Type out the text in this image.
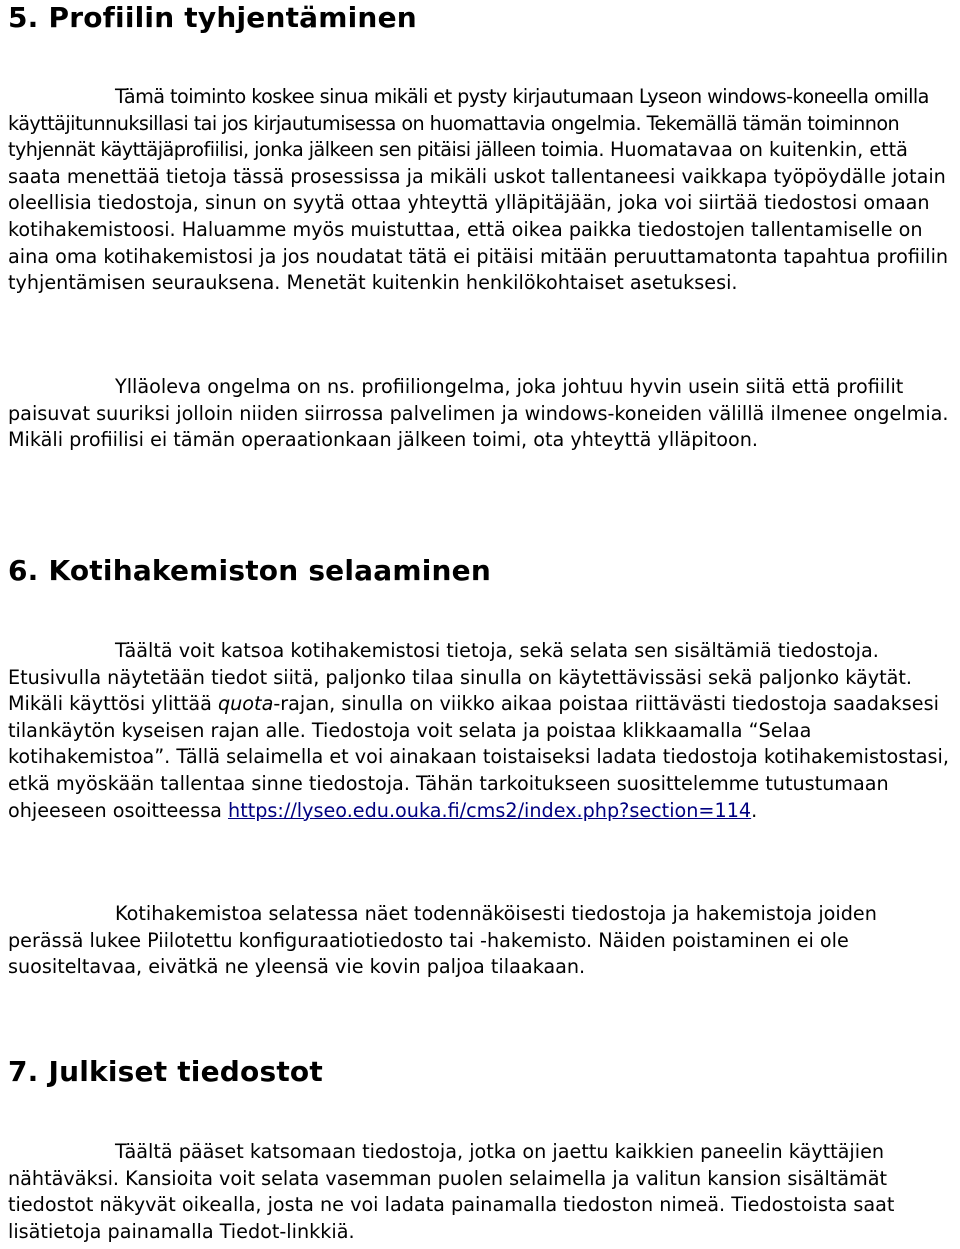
5. Profiilin tyhjentäminen

Tämä toiminto koskee sinua mikäli et pysty kirjautumaan Lyseon windows-koneella omilla käyttäjitunnuksillasi tai jos kirjautumisessa on huomattavia ongelmia. Tekemällä tämän toiminnon tyhjennät käyttäjäprofiilisi, jonka jälkeen sen pitäisi jälleen toimia. Huomatavaa on kuitenkin, että saata menettää tietoja tässä prosessissa ja mikäli uskot tallentaneesi vaikkapa työpöydälle jotain oleellisia tiedostoja, sinun on syytä ottaa yhteyttä ylläpitäjään, joka voi siirtää tiedostosi omaan kotihakemistoosi. Haluamme myös muistuttaa, että oikea paikka tiedostojen tallentamiselle on aina oma kotihakemistosi ja jos noudatat tätä ei pitäisi mitään peruuttamatonta tapahtua profiilin tyhjentämisen seurauksena. Menetät kuitenkin henkilökohtaiset asetuksesi.

Ylläoleva ongelma on ns. profiiliongelma, joka johtuu hyvin usein siitä että profiilit paisuvat suuriksi jolloin niiden siirrossa palvelimen ja windows-koneiden välillä ilmenee ongelmia. Mikäli profiilisi ei tämän operaationkaan jälkeen toimi, ota yhteyttä ylläpitoon.

6. Kotihakemiston selaaminen

Täältä voit katsoa kotihakemistosi tietoja, sekä selata sen sisältämiä tiedostoja. Etusivulla näytetään tiedot siitä, paljonko tilaa sinulla on käytettävissäsi sekä paljonko käytät. Mikäli käyttösi ylittää quota-rajan, sinulla on viikko aikaa poistaa riittävästi tiedostoja saadaksesi tilankäytön kyseisen rajan alle. Tiedostoja voit selata ja poistaa klikkaamalla “Selaa kotihakemistoa”. Tällä selaimella et voi ainakaan toistaiseksi ladata tiedostoja kotihakemistostasi, etkä myöskään tallentaa sinne tiedostoja. Tähän tarkoitukseen suosittelemme tutustumaan ohjeeseen osoitteessa https://lyseo.edu.ouka.fi/cms2/index.php?section=114.

Kotihakemistoa selatessa näet todennäköisesti tiedostoja ja hakemistoja joiden perässä lukee Piilotettu konfiguraatiotiedosto tai -hakemisto. Näiden poistaminen ei ole suositeltavaa, eivätkä ne yleensä vie kovin paljoa tilaakaan.

7. Julkiset tiedostot

Täältä pääset katsomaan tiedostoja, jotka on jaettu kaikkien paneelin käyttäjien nähtäväksi. Kansioita voit selata vasemman puolen selaimella ja valitun kansion sisältämät tiedostot näkyvät oikealla, josta ne voi ladata painamalla tiedoston nimeä. Tiedostoista saat lisätietoja painamalla Tiedot-linkkiä.
